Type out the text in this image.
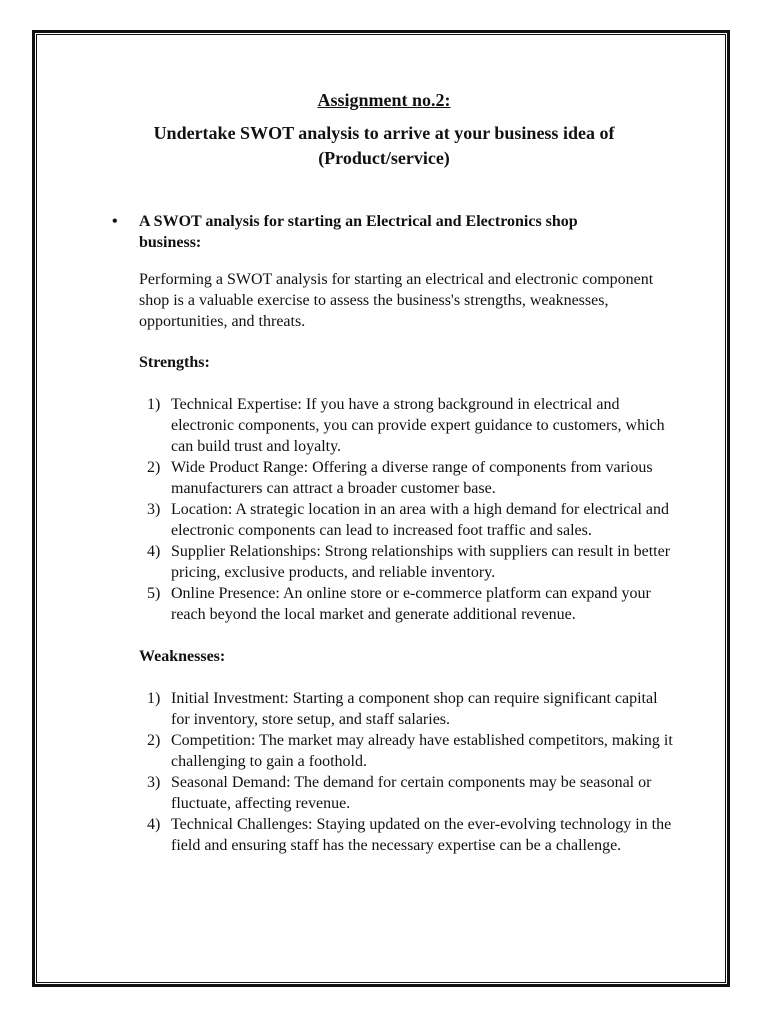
Assignment no.2:
Undertake SWOT analysis to arrive at your business idea of
(Product/service)
• A SWOT analysis for starting an Electrical and Electronics shop
business:

Performing a SWOT analysis for starting an electrical and electronic component shop is a valuable exercise to assess the business's strengths, weaknesses, opportunities, and threats.

Strengths:
1) Technical Expertise: If you have a strong background in electrical and electronic components, you can provide expert guidance to customers, which can build trust and loyalty.
2) Wide Product Range: Offering a diverse range of components from various manufacturers can attract a broader customer base.
3) Location: A strategic location in an area with a high demand for electrical and electronic components can lead to increased foot traffic and sales.
4) Supplier Relationships: Strong relationships with suppliers can result in better pricing, exclusive products, and reliable inventory.
5) Online Presence: An online store or e-commerce platform can expand your reach beyond the local market and generate additional revenue.
Weaknesses:
1) Initial Investment: Starting a component shop can require significant capital for inventory, store setup, and staff salaries.
2) Competition: The market may already have established competitors, making it challenging to gain a foothold.
3) Seasonal Demand: The demand for certain components may be seasonal or fluctuate, affecting revenue.
4) Technical Challenges: Staying updated on the ever-evolving technology in the field and ensuring staff has the necessary expertise can be a challenge.
